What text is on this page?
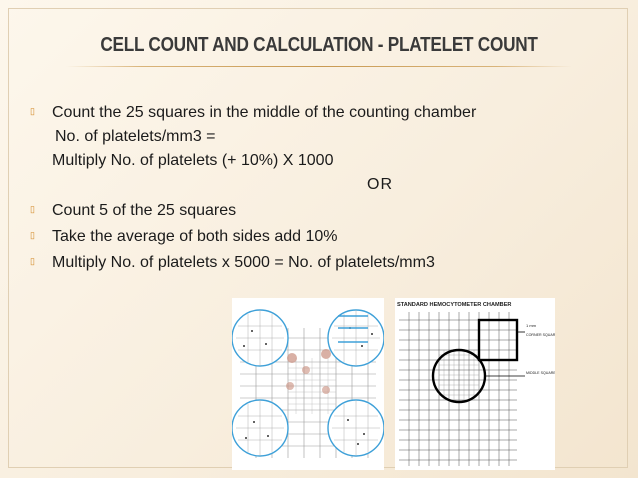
CELL COUNT AND CALCULATION - PLATELET COUNT
▯ Count the 25 squares in the middle of the counting chamber
No. of platelets/mm3 =
Multiply No. of platelets (+ 10%) X 1000
OR
▯ Count 5 of the 25 squares
▯ Take the average of both sides add 10%
▯ Multiply No. of platelets x 5000 = No. of platelets/mm3
STANDARD HEMOCYTOMETER CHAMBER
1 mm
CORNER SQUARE
MIDDLE SQUARE
